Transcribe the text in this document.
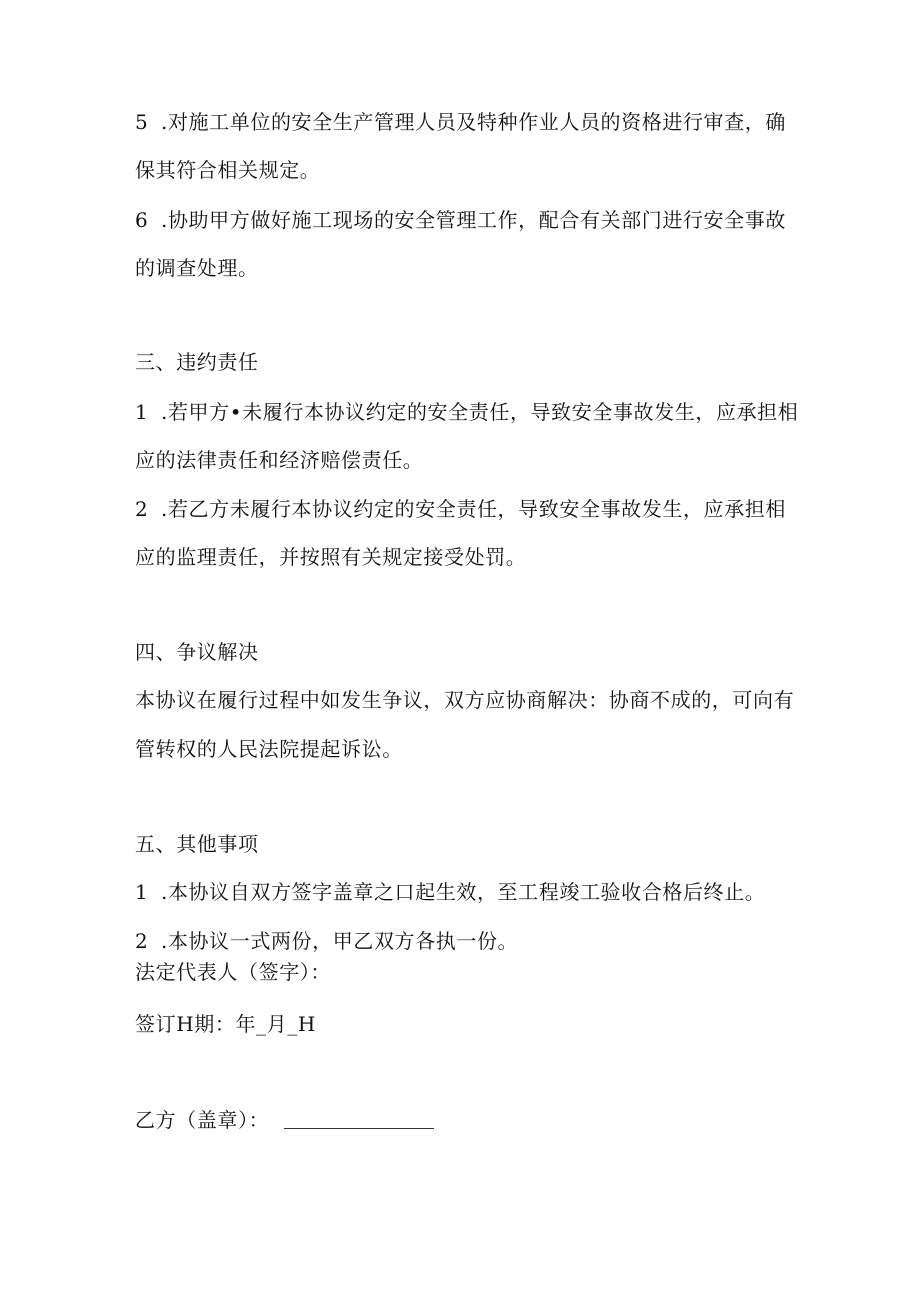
5 .对施工单位的安全生产管理人员及特种作业人员的资格进行审查，确
保其符合相关规定。
6 .协助甲方做好施工现场的安全管理工作，配合有关部门进行安全事故
的调查处理。
三、违约责任
1 .若甲方•未履行本协议约定的安全责任，导致安全事故发生，应承担相
应的法律责任和经济赔偿责任。
2 .若乙方未履行本协议约定的安全责任，导致安全事故发生，应承担相
应的监理责任，并按照有关规定接受处罚。
四、争议解决
本协议在履行过程中如发生争议，双方应协商解决：协商不成的，可向有
管转权的人民法院提起诉讼。
五、其他事项
1 .本协议自双方签字盖章之口起生效，至工程竣工验收合格后终止。
2 .本协议一式两份，甲乙双方各执一份。
法定代表人（签字）：
签订H期：年_月_H
乙方（盖章）：
